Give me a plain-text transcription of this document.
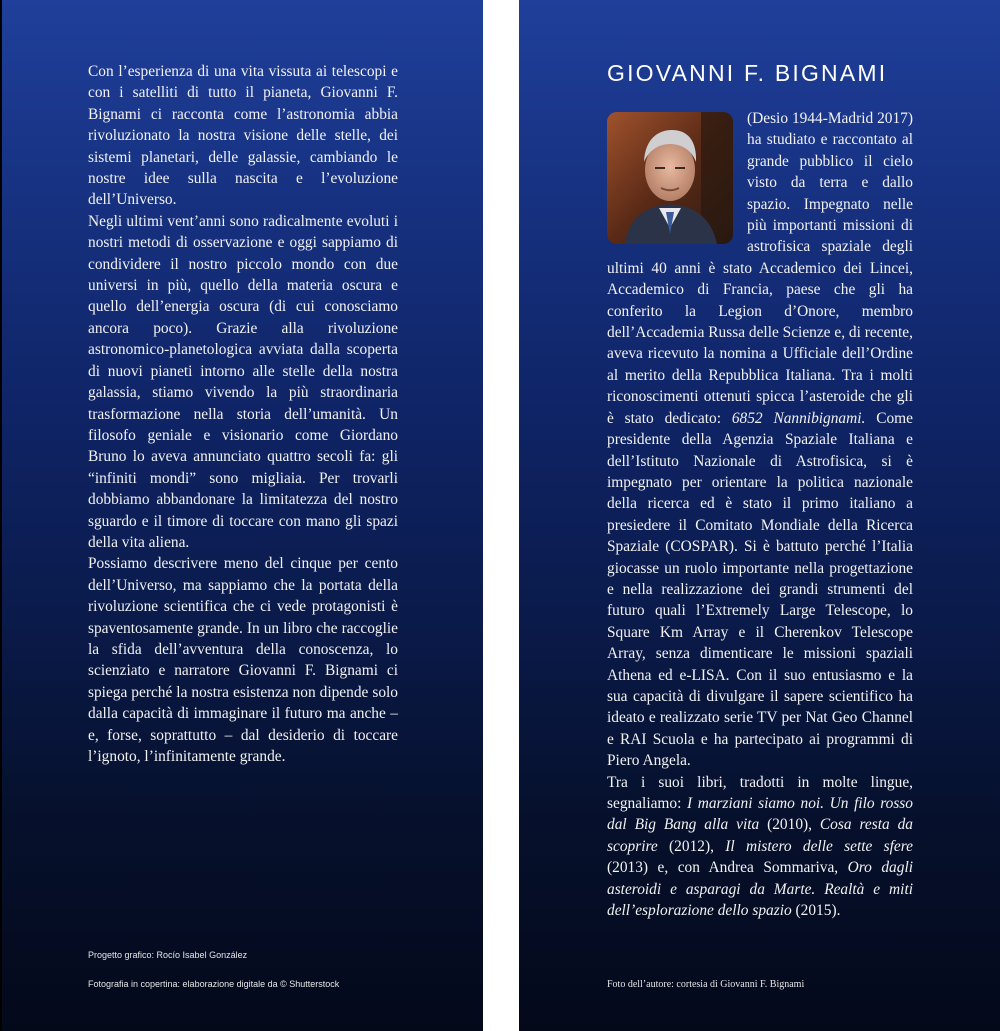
Con l’esperienza di una vita vissuta ai telescopi e con i satelliti di tutto il pianeta, Giovanni F. Bignami ci racconta come l’astronomia abbia rivoluzionato la nostra visione delle stelle, dei sistemi planetari, delle galassie, cambiando le nostre idee sulla nascita e l’evoluzione dell’Universo.

Negli ultimi vent’anni sono radicalmente evoluti i nostri metodi di osservazione e oggi sappiamo di condividere il nostro piccolo mondo con due universi in più, quello della materia oscura e quello dell’energia oscura (di cui conosciamo ancora poco). Grazie alla rivoluzione astronomico-planetologica avviata dalla scoperta di nuovi pianeti intorno alle stelle della nostra galassia, stiamo vivendo la più straordinaria trasformazione nella storia dell’umanità. Un filosofo geniale e visionario come Giordano Bruno lo aveva annunciato quattro secoli fa: gli “infiniti mondi” sono migliaia. Per trovarli dobbiamo abbandonare la limitatezza del nostro sguardo e il timore di toccare con mano gli spazi della vita aliena.

Possiamo descrivere meno del cinque per cento dell’Universo, ma sappiamo che la portata della rivoluzione scientifica che ci vede protagonisti è spaventosamente grande. In un libro che raccoglie la sfida dell’avventura della conoscenza, lo scienziato e narratore Giovanni F. Bignami ci spiega perché la nostra esistenza non dipende solo dalla capacità di immaginare il futuro ma anche – e, forse, soprattutto – dal desiderio di toccare l’ignoto, l’infinitamente grande.

Progetto grafico: Rocío Isabel González
Fotografia in copertina: elaborazione digitale da © Shutterstock
GIOVANNI F. BIGNAMI

(Desio 1944-Madrid 2017) ha studiato e raccontato al grande pubblico il cielo visto da terra e dallo spazio. Impegnato nelle più importanti missioni di astrofisica spaziale degli ultimi 40 anni è stato Accademico dei Lincei, Accademico di Francia, paese che gli ha conferito la Legion d’Onore, membro dell’Accademia Russa delle Scienze e, di recente, aveva ricevuto la nomina a Ufficiale dell’Ordine al merito della Repubblica Italiana. Tra i molti riconoscimenti ottenuti spicca l’asteroide che gli è stato dedicato: 6852 Nannibignami. Come presidente della Agenzia Spaziale Italiana e dell’Istituto Nazionale di Astrofisica, si è impegnato per orientare la politica nazionale della ricerca ed è stato il primo italiano a presiedere il Comitato Mondiale della Ricerca Spaziale (COSPAR). Si è battuto perché l’Italia giocasse un ruolo importante nella progettazione e nella realizzazione dei grandi strumenti del futuro quali l’Extremely Large Telescope, lo Square Km Array e il Cherenkov Telescope Array, senza dimenticare le missioni spaziali Athena ed e-LISA. Con il suo entusiasmo e la sua capacità di divulgare il sapere scientifico ha ideato e realizzato serie TV per Nat Geo Channel e RAI Scuola e ha partecipato ai programmi di Piero Angela.

Tra i suoi libri, tradotti in molte lingue, segnaliamo: I marziani siamo noi. Un filo rosso dal Big Bang alla vita (2010), Cosa resta da scoprire (2012), Il mistero delle sette sfere (2013) e, con Andrea Sommariva, Oro dagli asteroidi e asparagi da Marte. Realtà e miti dell’esplorazione dello spazio (2015).

Foto dell’autore: cortesia di Giovanni F. Bignami
